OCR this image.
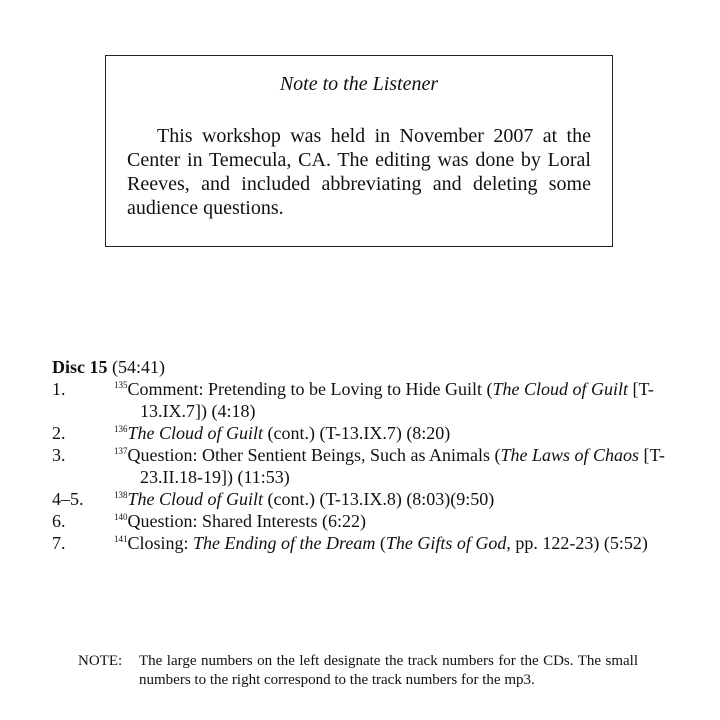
Note to the Listener

This workshop was held in November 2007 at the Center in Temecula, CA. The editing was done by Loral Reeves, and included abbreviating and deleting some audience questions.

Disc 15 (54:41)
1.	$^{135}$Comment: Pretending to be Loving to Hide Guilt (The Cloud of Guilt [T-13.IX.7]) (4:18)
2.	$^{136}$The Cloud of Guilt (cont.) (T-13.IX.7) (8:20)
3.	$^{137}$Question: Other Sentient Beings, Such as Animals (The Laws of Chaos [T-23.II.18-19]) (11:53)
4–5.	$^{138}$The Cloud of Guilt (cont.) (T-13.IX.8) (8:03)(9:50)
6.	$^{140}$Question: Shared Interests (6:22)
7.	$^{141}$Closing: The Ending of the Dream (The Gifts of God, pp. 122-23) (5:52)
NOTE: The large numbers on the left designate the track numbers for the CDs. The small numbers to the right correspond to the track numbers for the mp3.
